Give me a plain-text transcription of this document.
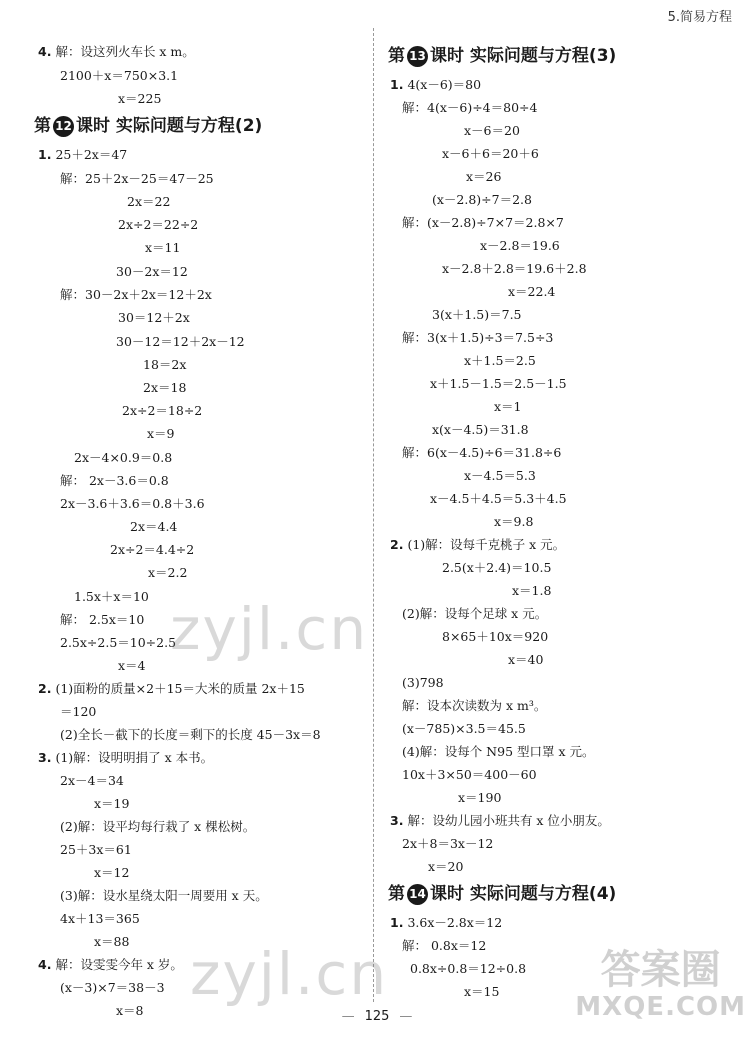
5.简易方程
4. 解：设这列火车长 x m。
2100＋x＝750×3.1
x＝225
第 12 课时 实际问题与方程(2)
1. 25＋2x＝47
解：25＋2x－25＝47－25
2x＝22
2x÷2＝22÷2
x＝11
30－2x＝12
解：30－2x＋2x＝12＋2x
30＝12＋2x
30－12＝12＋2x－12
18＝2x
2x＝18
2x÷2＝18÷2
x＝9
2x－4×0.9＝0.8
解： 2x－3.6＝0.8
2x－3.6＋3.6＝0.8＋3.6
2x＝4.4
2x÷2＝4.4÷2
x＝2.2
1.5x＋x＝10
解： 2.5x＝10
2.5x÷2.5＝10÷2.5
x＝4
2. (1)面粉的质量×2＋15＝大米的质量 2x＋15
＝120
(2)全长－截下的长度＝剩下的长度 45－3x＝8
3. (1)解：设明明捐了 x 本书。
2x－4＝34
x＝19
(2)解：设平均每行栽了 x 棵松树。
25＋3x＝61
x＝12
(3)解：设水星绕太阳一周要用 x 天。
4x＋13＝365
x＝88
4. 解：设雯雯今年 x 岁。
(x－3)×7＝38－3
x＝8
第 13 课时 实际问题与方程(3)
1. 4(x－6)＝80
解：4(x－6)÷4＝80÷4
x－6＝20
x－6＋6＝20＋6
x＝26
(x－2.8)÷7＝2.8
解：(x－2.8)÷7×7＝2.8×7
x－2.8＝19.6
x－2.8＋2.8＝19.6＋2.8
x＝22.4
3(x＋1.5)＝7.5
解：3(x＋1.5)÷3＝7.5÷3
x＋1.5＝2.5
x＋1.5－1.5＝2.5－1.5
x＝1
x(x－4.5)＝31.8
解：6(x－4.5)÷6＝31.8÷6
x－4.5＝5.3
x－4.5＋4.5＝5.3＋4.5
x＝9.8
2. (1)解：设每千克桃子 x 元。
2.5(x＋2.4)＝10.5
x＝1.8
(2)解：设每个足球 x 元。
8×65＋10x＝920
x＝40
(3)798
解：设本次读数为 x m³。
(x－785)×3.5＝45.5
(4)解：设每个 N95 型口罩 x 元。
10x＋3×50＝400－60
x＝190
3. 解：设幼儿园小班共有 x 位小朋友。
2x＋8＝3x－12
x＝20
第 14 课时 实际问题与方程(4)
1. 3.6x－2.8x＝12
解： 0.8x＝12
0.8x÷0.8＝12÷0.8
x＝15
zyjl.cn
zyjl.cn	答案圈
MXQE.COM
— 125 —
